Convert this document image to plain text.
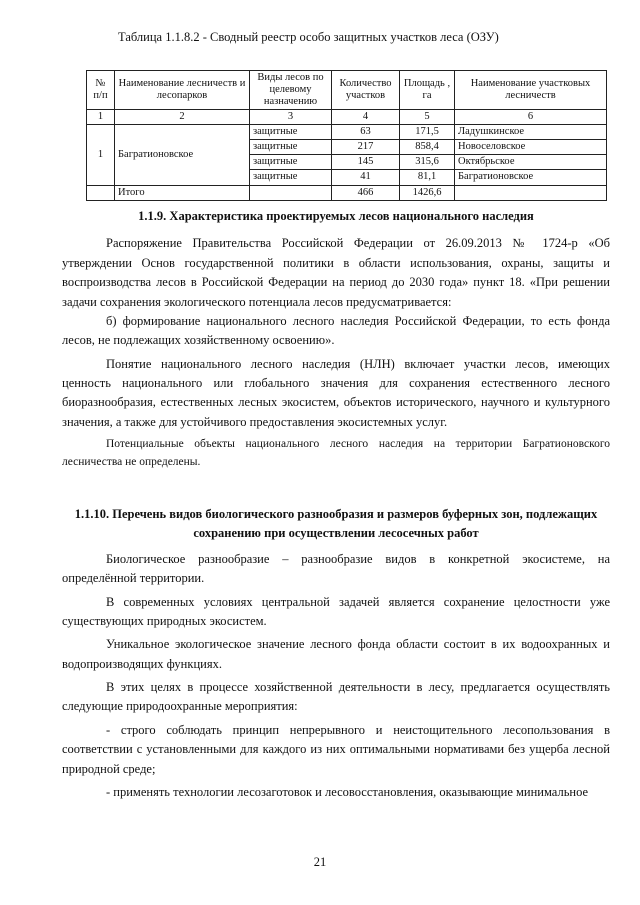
Таблица 1.1.8.2 - Сводный реестр особо защитных участков леса (ОЗУ)
№ п/п	Наименование лесничеств и лесопарков	Виды лесов по целевому назначению	Количество участков	Площадь , га	Наименование участковых лесничеств
1	2	3	4	5	6
1	Багратионовское	защитные	63	171,5	Ладушкинское
		защитные	217	858,4	Новоселовское
		защитные	145	315,6	Октябрьское
		защитные	41	81,1	Багратионовское
	Итого		466	1426,6	

1.1.9. Характеристика проектируемых лесов национального наследия

Распоряжение Правительства Российской Федерации от 26.09.2013 № 1724-р «Об утверждении Основ государственной политики в области использования, охраны, защиты и воспроизводства лесов в Российской Федерации на период до 2030 года» пункт 18. «При решении задачи сохранения экологического потенциала лесов предусматривается:

б) формирование национального лесного наследия Российской Федерации, то есть фонда лесов, не подлежащих хозяйственному освоению».

Понятие национального лесного наследия (НЛН) включает участки лесов, имеющих ценность национального или глобального значения для сохранения естественного лесного биоразнообразия, естественных лесных экосистем, объектов исторического, научного и культурного значения, а также для устойчивого предоставления экосистемных услуг.

Потенциальные объекты национального лесного наследия на территории Багратионовского лесничества не определены.

1.1.10. Перечень видов биологического разнообразия и размеров буферных зон, подлежащих сохранению при осуществлении лесосечных работ

Биологическое разнообразие – разнообразие видов в конкретной экосистеме, на определённой территории.

В современных условиях центральной задачей является сохранение целостности уже существующих природных экосистем.

Уникальное экологическое значение лесного фонда области состоит в их водоохранных и водопроизводящих функциях.

В этих целях в процессе хозяйственной деятельности в лесу, предлагается осуществлять следующие природоохранные мероприятия:

- строго соблюдать принцип непрерывного и неистощительного лесопользования в соответствии с установленными для каждого из них оптимальными нормативами без ущерба лесной природной среде;

- применять технологии лесозаготовок и лесовосстановления, оказывающие минимальное

21
